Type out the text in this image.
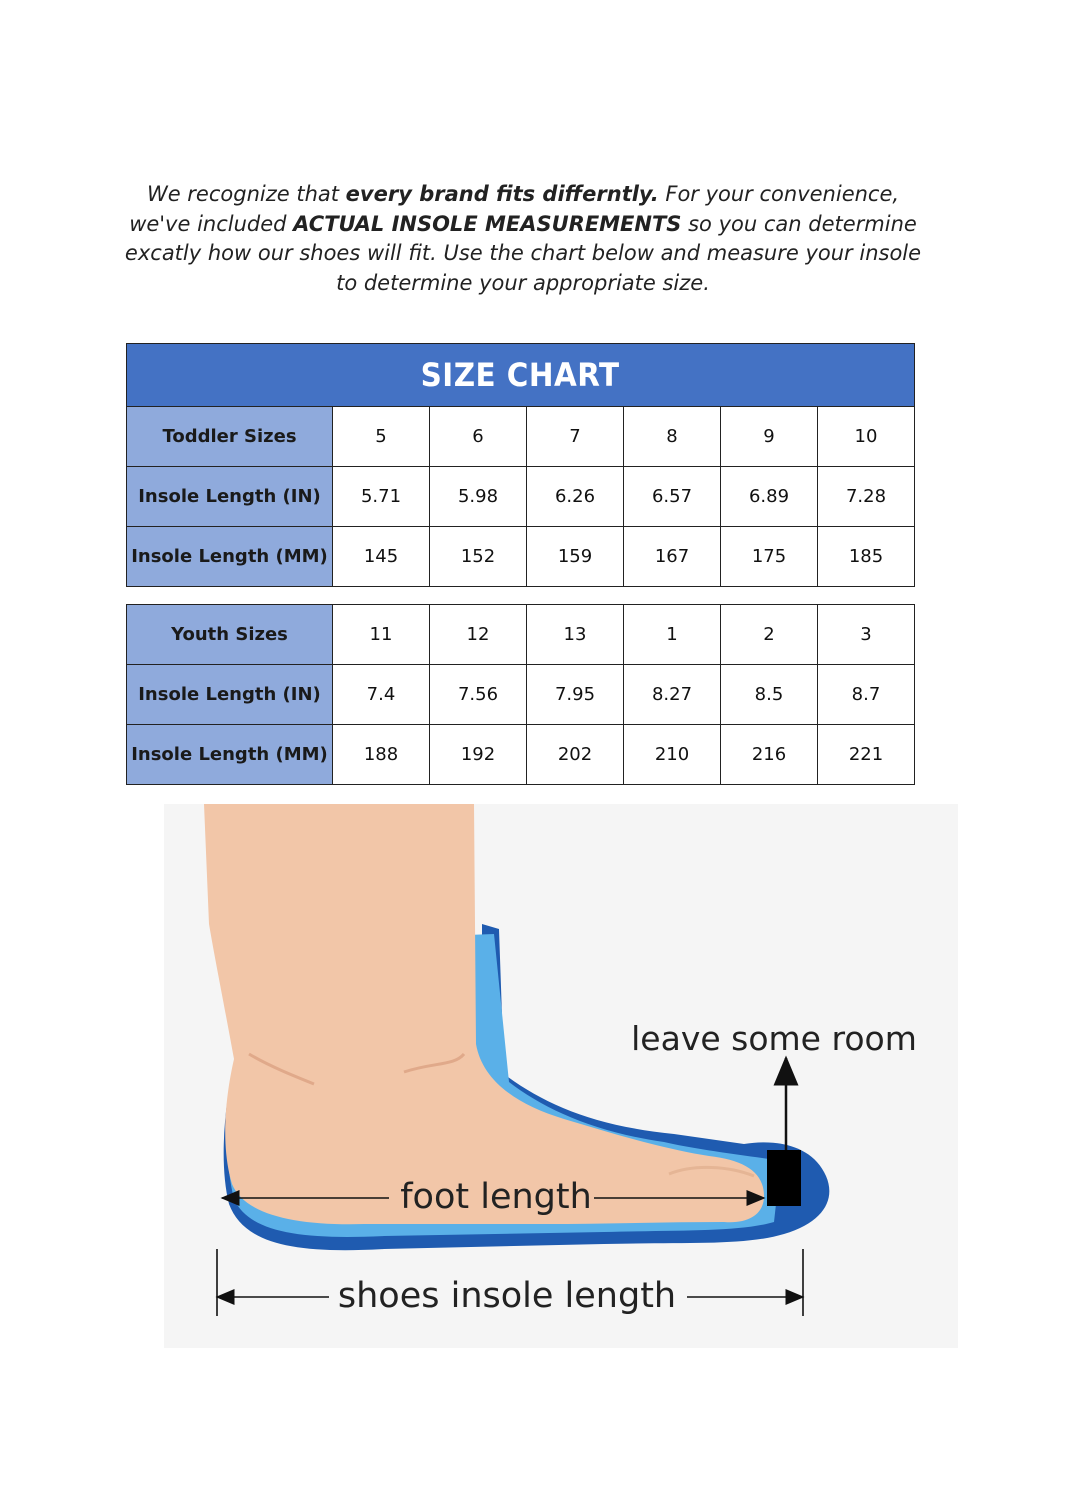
We recognize that every brand fits differntly. For your convenience, we've included ACTUAL INSOLE MEASUREMENTS so you can determine excatly how our shoes will fit. Use the chart below and measure your insole to determine your appropriate size.
SIZE CHART						
Toddler Sizes	5	6	7	8	9	10
Insole Length (IN)	5.71	5.98	6.26	6.57	6.89	7.28
Insole Length (MM)	145	152	159	167	175	185
Youth Sizes	11	12	13	1	2	3
Insole Length (IN)	7.4	7.56	7.95	8.27	8.5	8.7
Insole Length (MM)	188	192	202	210	216	221
leave some room
foot length
shoes insole length
